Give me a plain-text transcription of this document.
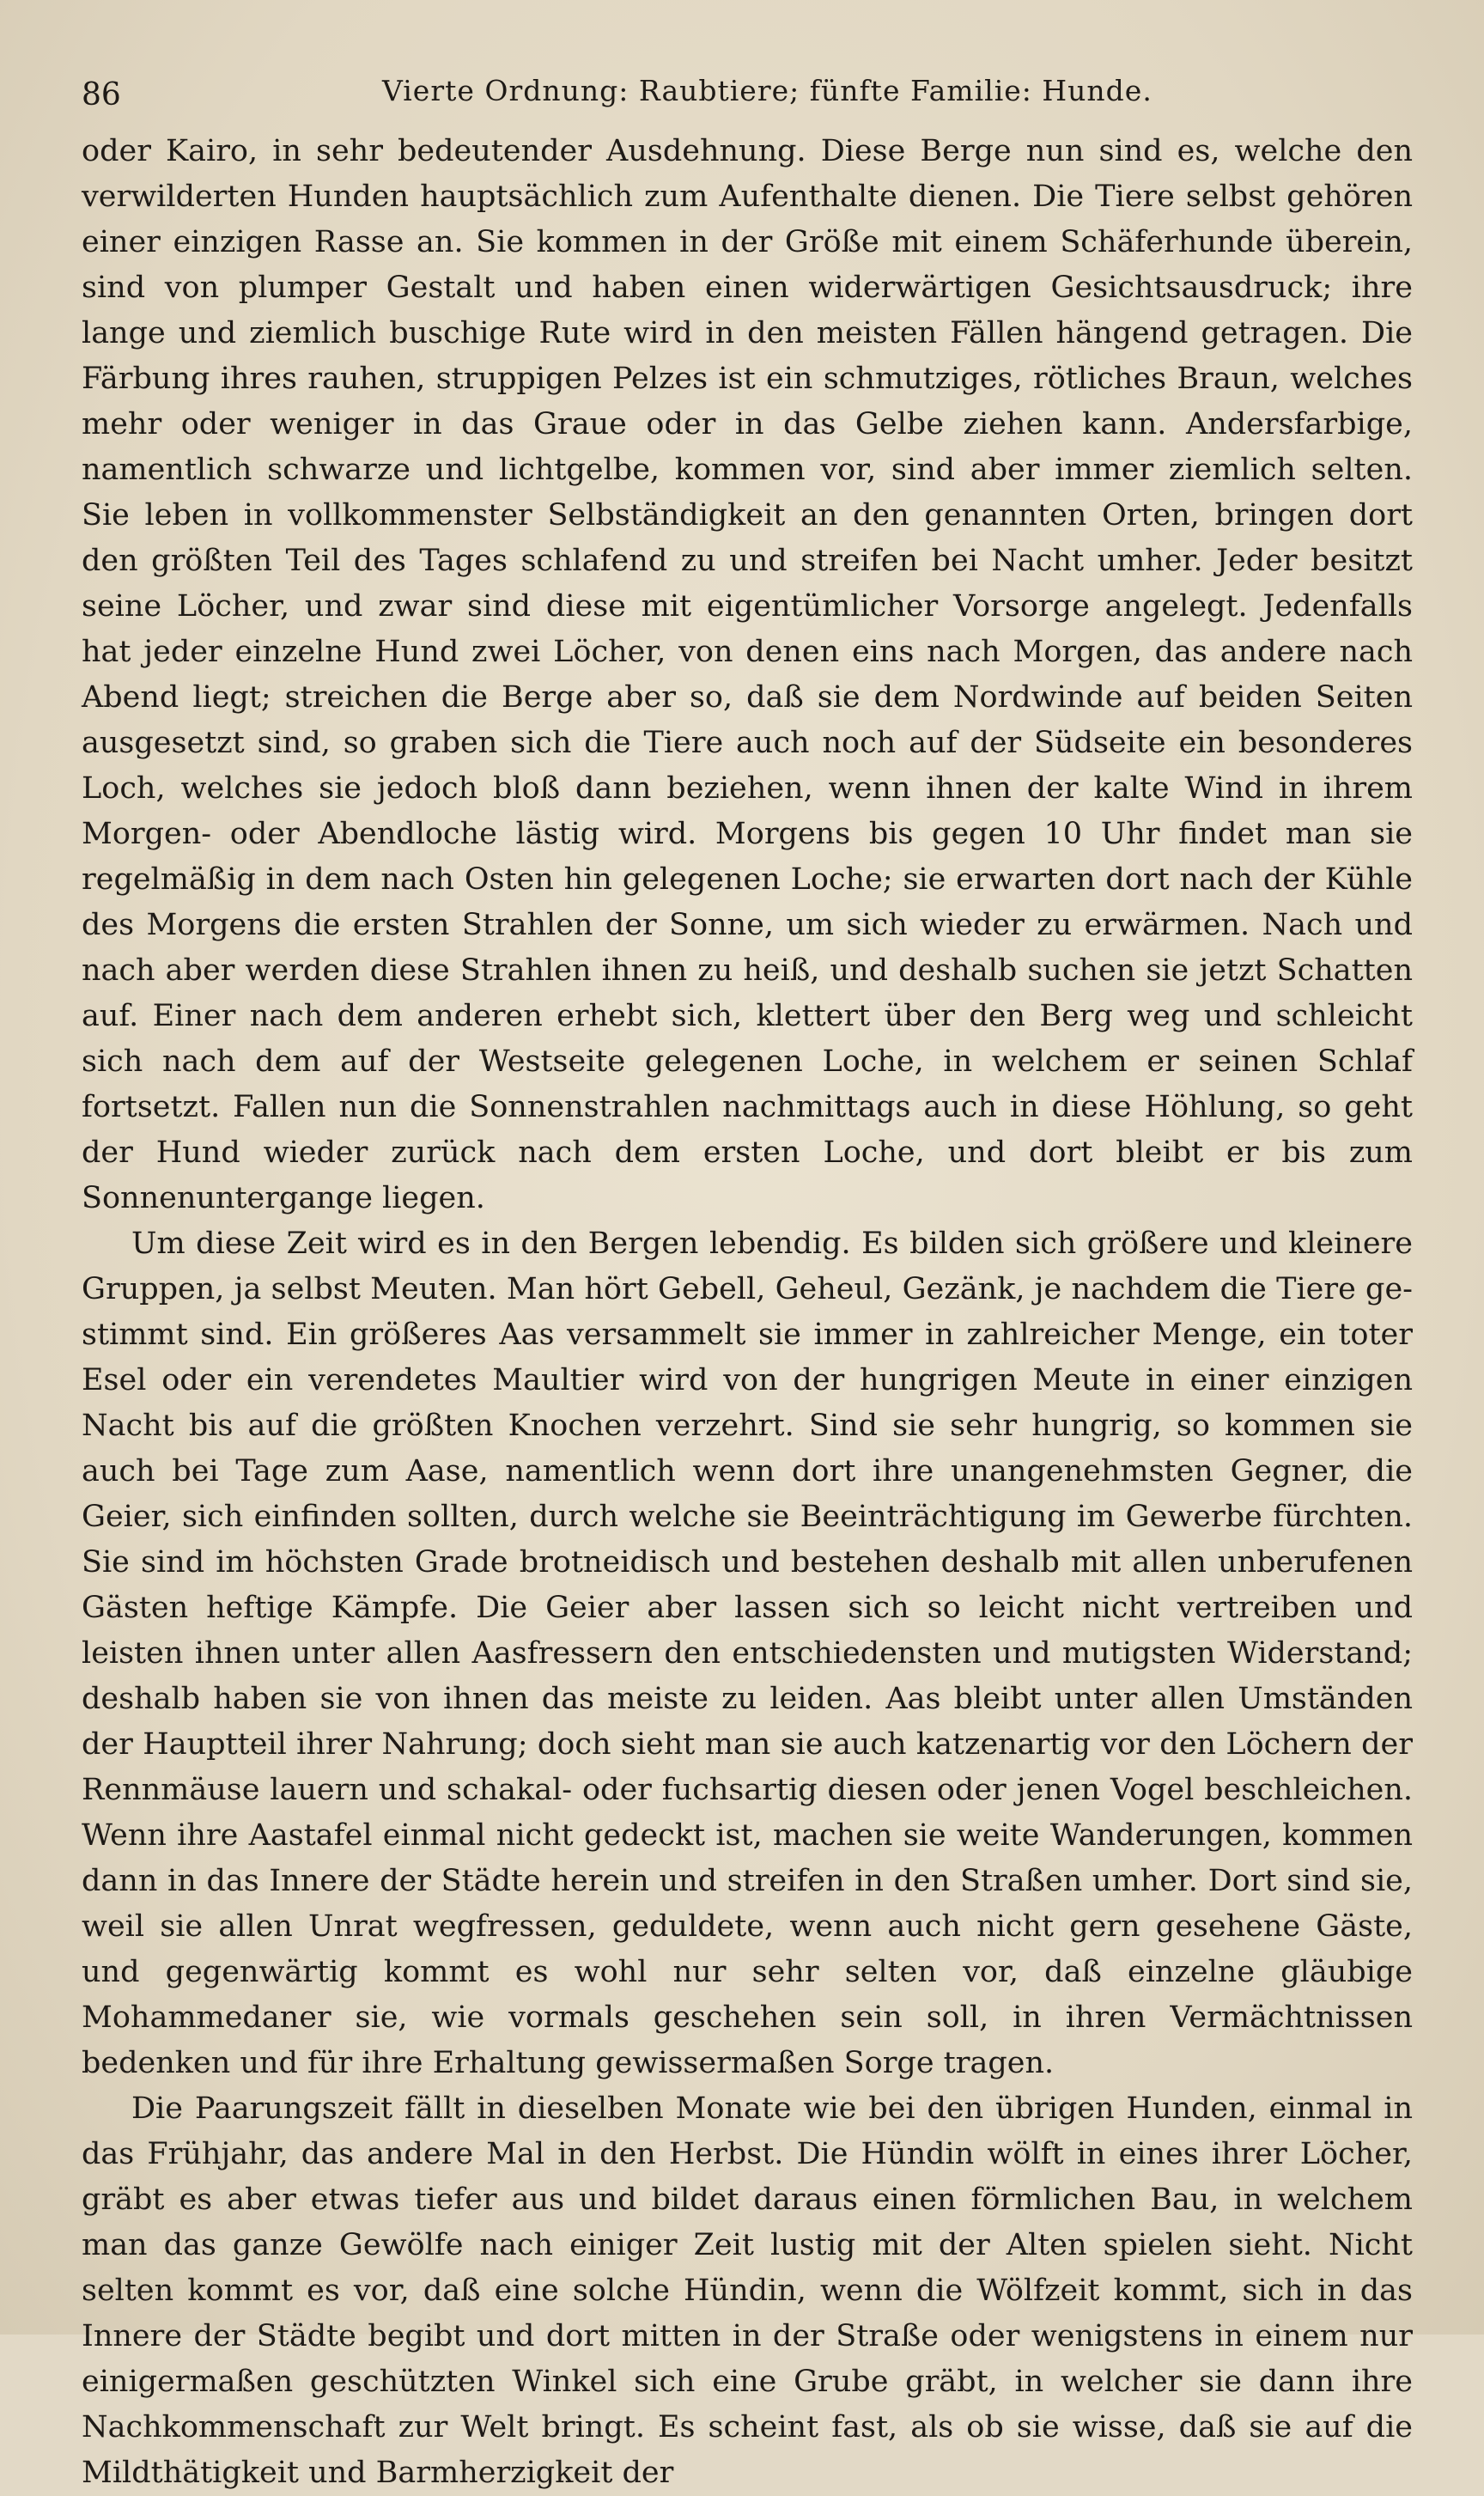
86	Vierte Ordnung: Raubtiere; fünfte Familie: Hunde.

oder Kairo, in sehr bedeutender Ausdehnung. Diese Berge nun sind es, welche den verwilderten Hunden hauptsächlich zum Aufenthalte dienen. Die Tiere selbst gehören einer einzigen Rasse an. Sie kommen in der Größe mit einem Schäferhunde überein, sind von plumper Gestalt und haben einen widerwärtigen Gesichtsausdruck; ihre lange und ziemlich buschige Rute wird in den meisten Fällen hängend getragen. Die Färbung ihres rauhen, struppigen Pelzes ist ein schmutziges, rötliches Braun, welches mehr oder weniger in das Graue oder in das Gelbe ziehen kann. Andersfarbige, namentlich schwarze und lichtgelbe, kommen vor, sind aber immer ziemlich selten. Sie leben in vollkommenster Selbständigkeit an den genannten Orten, bringen dort den größten Teil des Tages schlafend zu und streifen bei Nacht umher. Jeder besitzt seine Löcher, und zwar sind diese mit eigentümlicher Vorsorge angelegt. Jedenfalls hat jeder einzelne Hund zwei Löcher, von denen eins nach Morgen, das andere nach Abend liegt; streichen die Berge aber so, daß sie dem Nordwinde auf beiden Seiten ausgesetzt sind, so graben sich die Tiere auch noch auf der Südseite ein besonderes Loch, welches sie jedoch bloß dann beziehen, wenn ihnen der kalte Wind in ihrem Morgen- oder Abendloche lästig wird. Morgens bis gegen 10 Uhr findet man sie regelmäßig in dem nach Osten hin gelegenen Loche; sie erwarten dort nach der Kühle des Morgens die ersten Strahlen der Sonne, um sich wieder zu erwärmen. Nach und nach aber werden diese Strahlen ihnen zu heiß, und deshalb suchen sie jetzt Schatten auf. Einer nach dem anderen erhebt sich, klettert über den Berg weg und schleicht sich nach dem auf der Westseite gelegenen Loche, in welchem er seinen Schlaf fortsetzt. Fallen nun die Sonnenstrahlen nachmittags auch in diese Höhlung, so geht der Hund wieder zurück nach dem ersten Loche, und dort bleibt er bis zum Sonnenuntergange liegen.

Um diese Zeit wird es in den Bergen lebendig. Es bilden sich größere und kleinere Gruppen, ja selbst Meuten. Man hört Gebell, Geheul, Gezänk, je nachdem die Tiere gestimmt sind. Ein größeres Aas versammelt sie immer in zahlreicher Menge, ein toter Esel oder ein verendetes Maultier wird von der hungrigen Meute in einer einzigen Nacht bis auf die größten Knochen verzehrt. Sind sie sehr hungrig, so kommen sie auch bei Tage zum Aase, namentlich wenn dort ihre unangenehmsten Gegner, die Geier, sich einfinden sollten, durch welche sie Beeinträchtigung im Gewerbe fürchten. Sie sind im höchsten Grade brotneidisch und bestehen deshalb mit allen unberufenen Gästen heftige Kämpfe. Die Geier aber lassen sich so leicht nicht vertreiben und leisten ihnen unter allen Aasfressern den entschiedensten und mutigsten Widerstand; deshalb haben sie von ihnen das meiste zu leiden. Aas bleibt unter allen Umständen der Hauptteil ihrer Nahrung; doch sieht man sie auch katzenartig vor den Löchern der Rennmäuse lauern und schakal- oder fuchsartig diesen oder jenen Vogel beschleichen. Wenn ihre Aastafel einmal nicht gedeckt ist, machen sie weite Wanderungen, kommen dann in das Innere der Städte herein und streifen in den Straßen umher. Dort sind sie, weil sie allen Unrat wegfressen, geduldete, wenn auch nicht gern gesehene Gäste, und gegenwärtig kommt es wohl nur sehr selten vor, daß einzelne gläubige Mohammedaner sie, wie vormals geschehen sein soll, in ihren Vermächtnissen bedenken und für ihre Erhaltung gewissermaßen Sorge tragen.

Die Paarungszeit fällt in dieselben Monate wie bei den übrigen Hunden, einmal in das Frühjahr, das andere Mal in den Herbst. Die Hündin wölft in eines ihrer Löcher, gräbt es aber etwas tiefer aus und bildet daraus einen förmlichen Bau, in welchem man das ganze Gewölfe nach einiger Zeit lustig mit der Alten spielen sieht. Nicht selten kommt es vor, daß eine solche Hündin, wenn die Wölfzeit kommt, sich in das Innere der Städte begibt und dort mitten in der Straße oder wenigstens in einem nur einigermaßen geschützten Winkel sich eine Grube gräbt, in welcher sie dann ihre Nachkommenschaft zur Welt bringt. Es scheint fast, als ob sie wisse, daß sie auf die Mildthätigkeit und Barmherzigkeit der
